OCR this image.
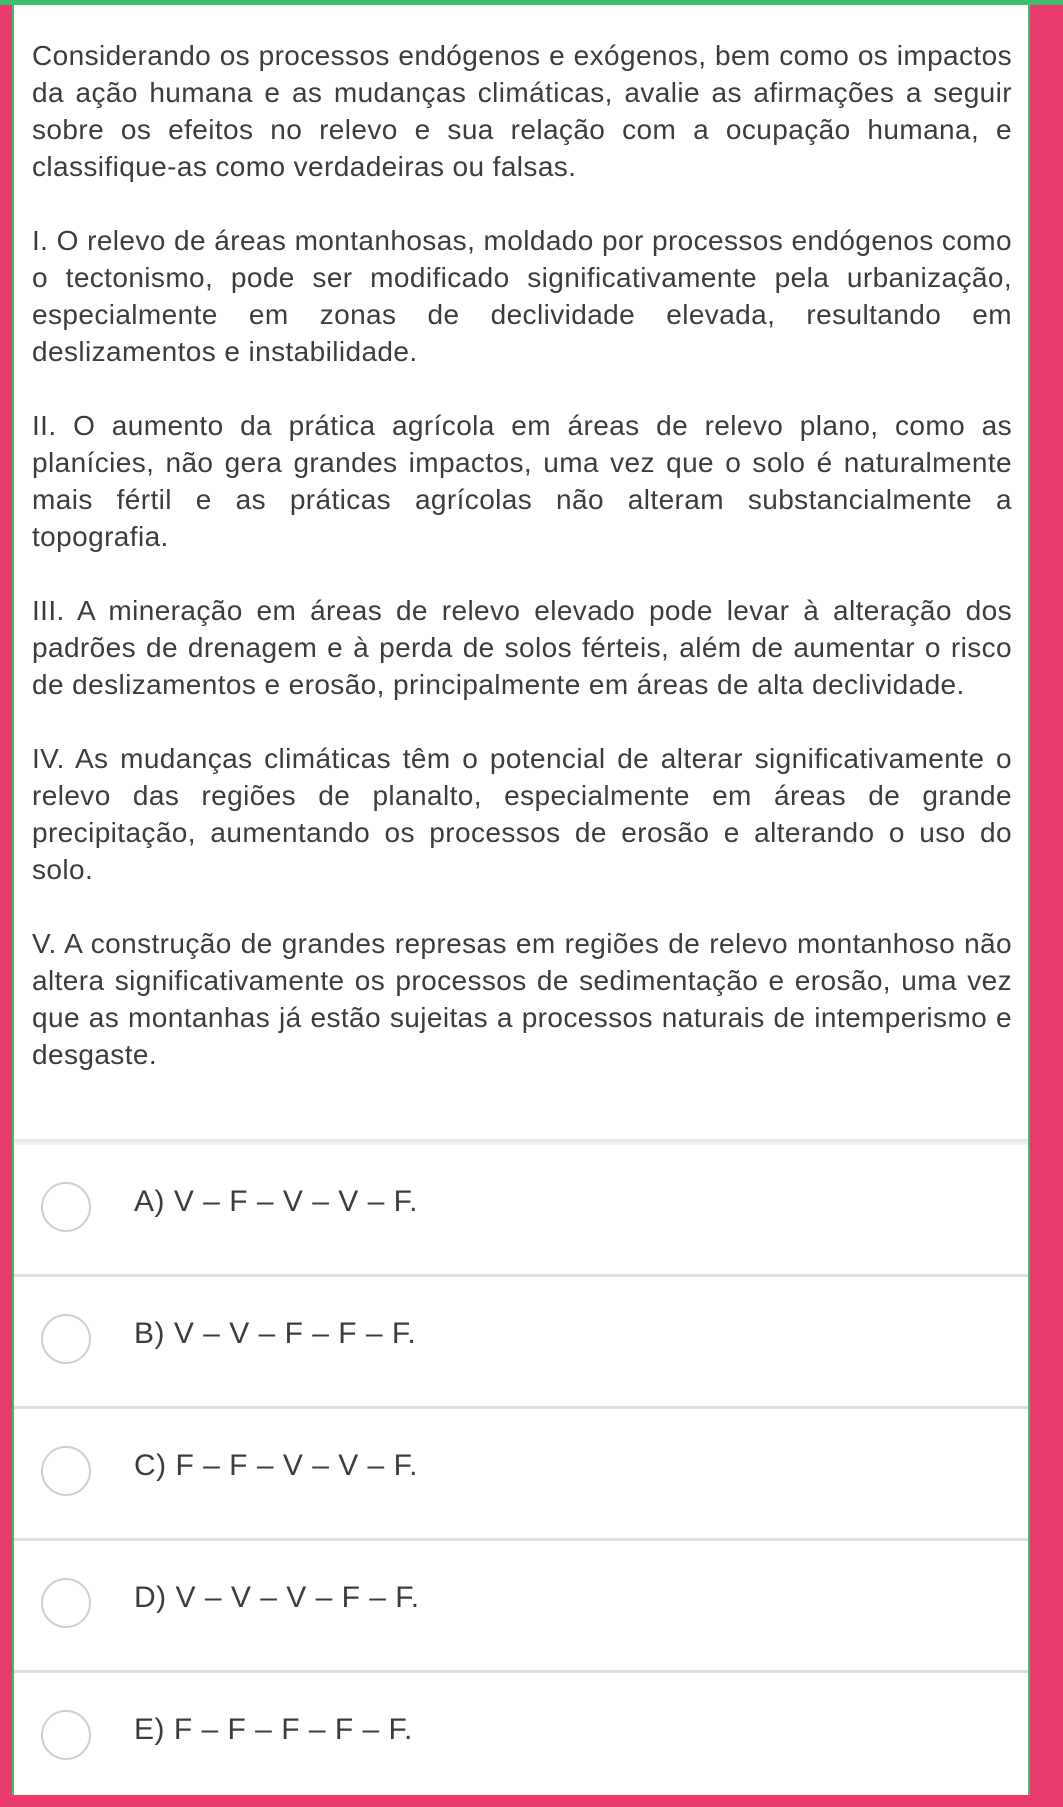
Considerando os processos endógenos e exógenos, bem como os impactos da ação humana e as mudanças climáticas, avalie as afirmações a seguir sobre os efeitos no relevo e sua relação com a ocupação humana, e classifique-as como verdadeiras ou falsas.

I. O relevo de áreas montanhosas, moldado por processos endógenos como o tectonismo, pode ser modificado significativamente pela urbanização, especialmente em zonas de declividade elevada, resultando em deslizamentos e instabilidade.

II. O aumento da prática agrícola em áreas de relevo plano, como as planícies, não gera grandes impactos, uma vez que o solo é naturalmente mais fértil e as práticas agrícolas não alteram substancialmente a topografia.

III. A mineração em áreas de relevo elevado pode levar à alteração dos padrões de drenagem e à perda de solos férteis, além de aumentar o risco de deslizamentos e erosão, principalmente em áreas de alta declividade.

IV. As mudanças climáticas têm o potencial de alterar significativamente o relevo das regiões de planalto, especialmente em áreas de grande precipitação, aumentando os processos de erosão e alterando o uso do solo.

V. A construção de grandes represas em regiões de relevo montanhoso não altera significativamente os processos de sedimentação e erosão, uma vez que as montanhas já estão sujeitas a processos naturais de intemperismo e desgaste.

A) V – F – V – V – F.
B) V – V – F – F – F.
C) F – F – V – V – F.
D) V – V – V – F – F.
E) F – F – F – F – F.
